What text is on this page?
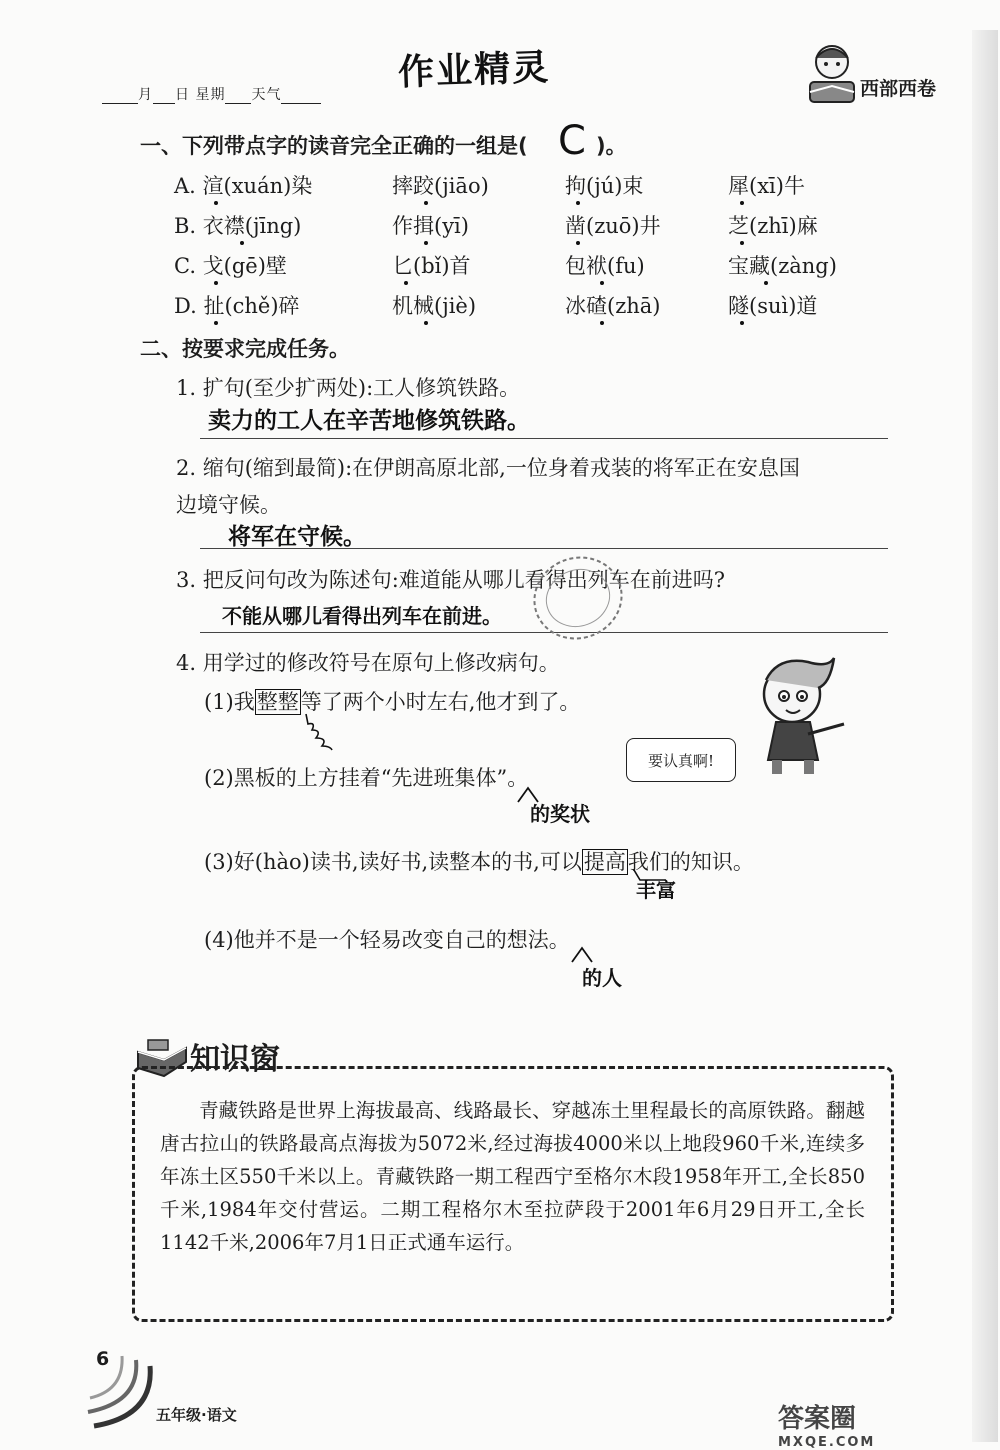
月 日 星期 天气
作业精灵	西部西卷
一、下列带点字的读音完全正确的一组是( C )。
A. 渲(xuán)染	摔跤(jiāo)	拘(jú)束	犀(xī)牛
B. 衣襟(jīng)	作揖(yī)	凿(zuō)井	芝(zhī)麻
C. 戈(gē)壁	匕(bǐ)首	包袱(fu)	宝藏(zàng)
D. 扯(chě)碎	机械(jiè)	冰碴(zhā)	隧(suì)道
二、按要求完成任务。
1. 扩句(至少扩两处):工人修筑铁路。
卖力的工人在辛苦地修筑铁路。
2. 缩句(缩到最简):在伊朗高原北部,一位身着戎装的将军正在安息国
边境守候。
将军在守候。
3. 把反问句改为陈述句:难道能从哪儿看得出列车在前进吗?
不能从哪儿看得出列车在前进。
4. 用学过的修改符号在原句上修改病句。
(1)我整整等了两个小时左右,他才到了。
要认真啊!
(2)黑板的上方挂着“先进班集体”。
的奖状
(3)好(hào)读书,读好书,读整本的书,可以提高我们的知识。
丰富
(4)他并不是一个轻易改变自己的想法。
的人
知识窗
青藏铁路是世界上海拔最高、线路最长、穿越冻土里程最长的高原铁路。翻越唐古拉山的铁路最高点海拔为5072米,经过海拔4000米以上地段960千米,连续多年冻土区550千米以上。青藏铁路一期工程西宁至格尔木段1958年开工,全长850千米,1984年交付营运。二期工程格尔木至拉萨段于2001年6月29日开工,全长1142千米,2006年7月1日正式通车运行。
6
五年级·语文	答案圈
MXQE.COM
